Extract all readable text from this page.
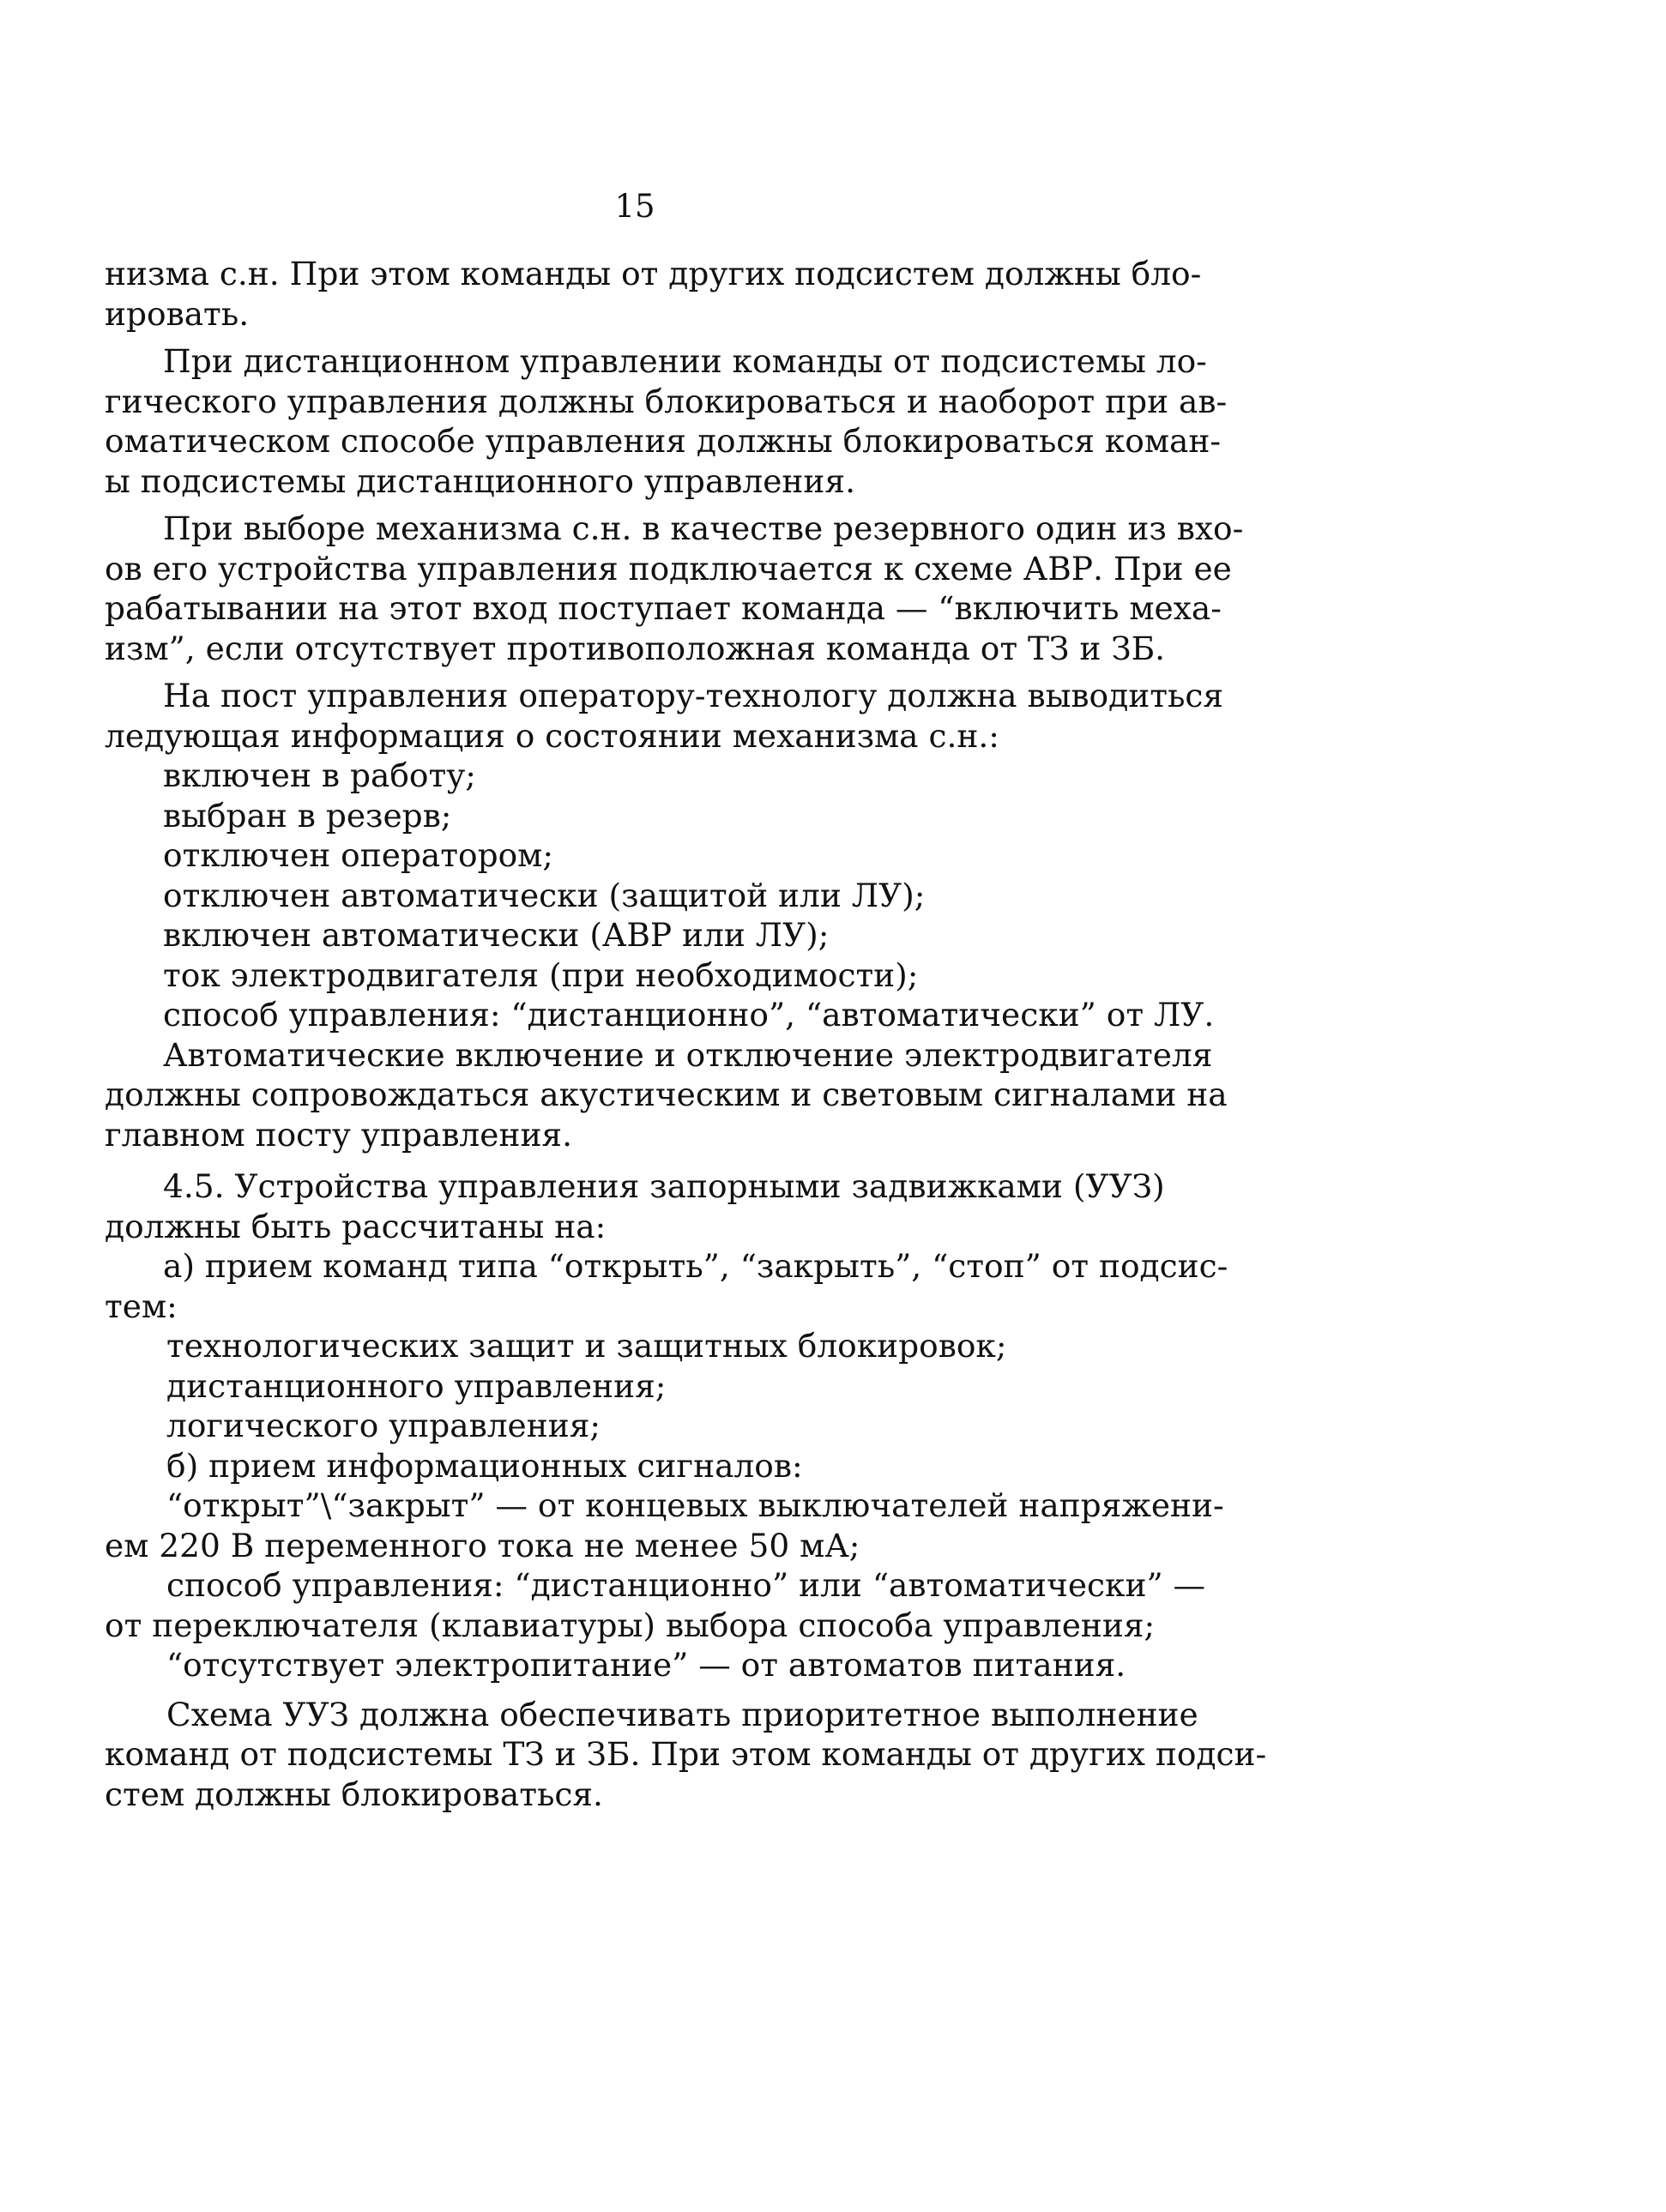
15
низма с.н. При этом команды от других подсистем должны бло-
ировать.
При дистанционном управлении команды от подсистемы ло-
гического управления должны блокироваться и наоборот при ав-
оматическом способе управления должны блокироваться коман-
ы подсистемы дистанционного управления.
При выборе механизма с.н. в качестве резервного один из вхо-
ов его устройства управления подключается к схеме АВР. При ее
рабатывании на этот вход поступает команда — “включить меха-
изм”, если отсутствует противоположная команда от ТЗ и ЗБ.
На пост управления оператору-технологу должна выводиться
ледующая информация о состоянии механизма с.н.:
включен в работу;
выбран в резерв;
отключен оператором;
отключен автоматически (защитой или ЛУ);
включен автоматически (АВР или ЛУ);
ток электродвигателя (при необходимости);
способ управления: “дистанционно”, “автоматически” от ЛУ.
Автоматические включение и отключение электродвигателя
должны сопровождаться акустическим и световым сигналами на
главном посту управления.
4.5. Устройства управления запорными задвижками (УУЗ)
должны быть рассчитаны на:
а) прием команд типа “открыть”, “закрыть”, “стоп” от подсис-
тем:
технологических защит и защитных блокировок;
дистанционного управления;
логического управления;
б) прием информационных сигналов:
“открыт”\“закрыт” — от концевых выключателей напряжени-
ем 220 В переменного тока не менее 50 мА;
способ управления: “дистанционно” или “автоматически” —
от переключателя (клавиатуры) выбора способа управления;
“отсутствует электропитание” — от автоматов питания.
Схема УУЗ должна обеспечивать приоритетное выполнение
команд от подсистемы ТЗ и ЗБ. При этом команды от других подси-
стем должны блокироваться.
